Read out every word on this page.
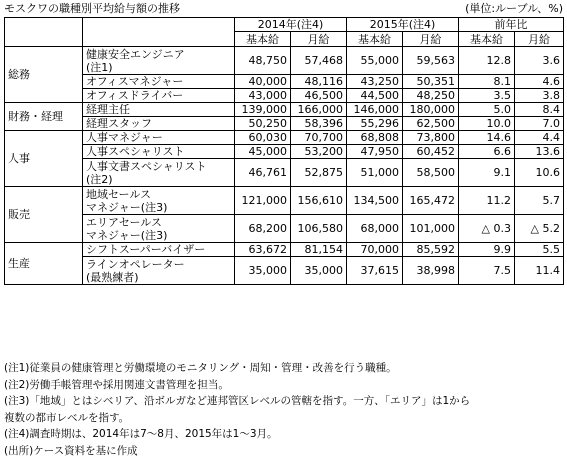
モスクワの職種別平均給与額の推移	(単位:ルーブル、%)
		2014年(注4)		2015年(注4)		前年比	
		基本給	月給	基本給	月給	基本給	月給
総務	健康安全エンジニア
(注1)	48,750	57,468	55,000	59,563	12.8	3.6

	オフィスマネジャー	40,000	48,116	43,250	50,351	8.1	4.6

	オフィスドライバー	43,000	46,500	44,500	48,250	3.5	3.8
財務・経理	経理主任	139,000	166,000	146,000	180,000	5.0	8.4

	経理スタッフ	50,250	58,396	55,296	62,500	10.0	7.0
人事	人事マネジャー	60,030	70,700	68,808	73,800	14.6	4.4

	人事スペシャリスト	45,000	53,200	47,950	60,452	6.6	13.6

	人事文書スペシャリスト
(注2)	46,761	52,875	51,000	58,500	9.1	10.6
販売	地域セールス
マネジャー(注3)	121,000	156,610	134,500	165,472	11.2	5.7

	エリアセールス
マネジャー(注3)	68,200	106,580	68,000	101,000	△ 0.3	△ 5.2
生産	シフトスーパーバイザー	63,672	81,154	70,000	85,592	9.9	5.5

	ラインオペレーター
(最熟練者)	35,000	35,000	37,615	38,998	7.5	11.4
(注1)従業員の健康管理と労働環境のモニタリング・周知・管理・改善を行う職種。
(注2)労働手帳管理や採用関連文書管理を担当。
(注3)「地域」とはシベリア、沿ボルガなど連邦管区レベルの管轄を指す。一方、「エリア」は1から
複数の都市レベルを指す。
(注4)調査時期は、2014年は7～8月、2015年は1～3月。
(出所)ケース資料を基に作成
